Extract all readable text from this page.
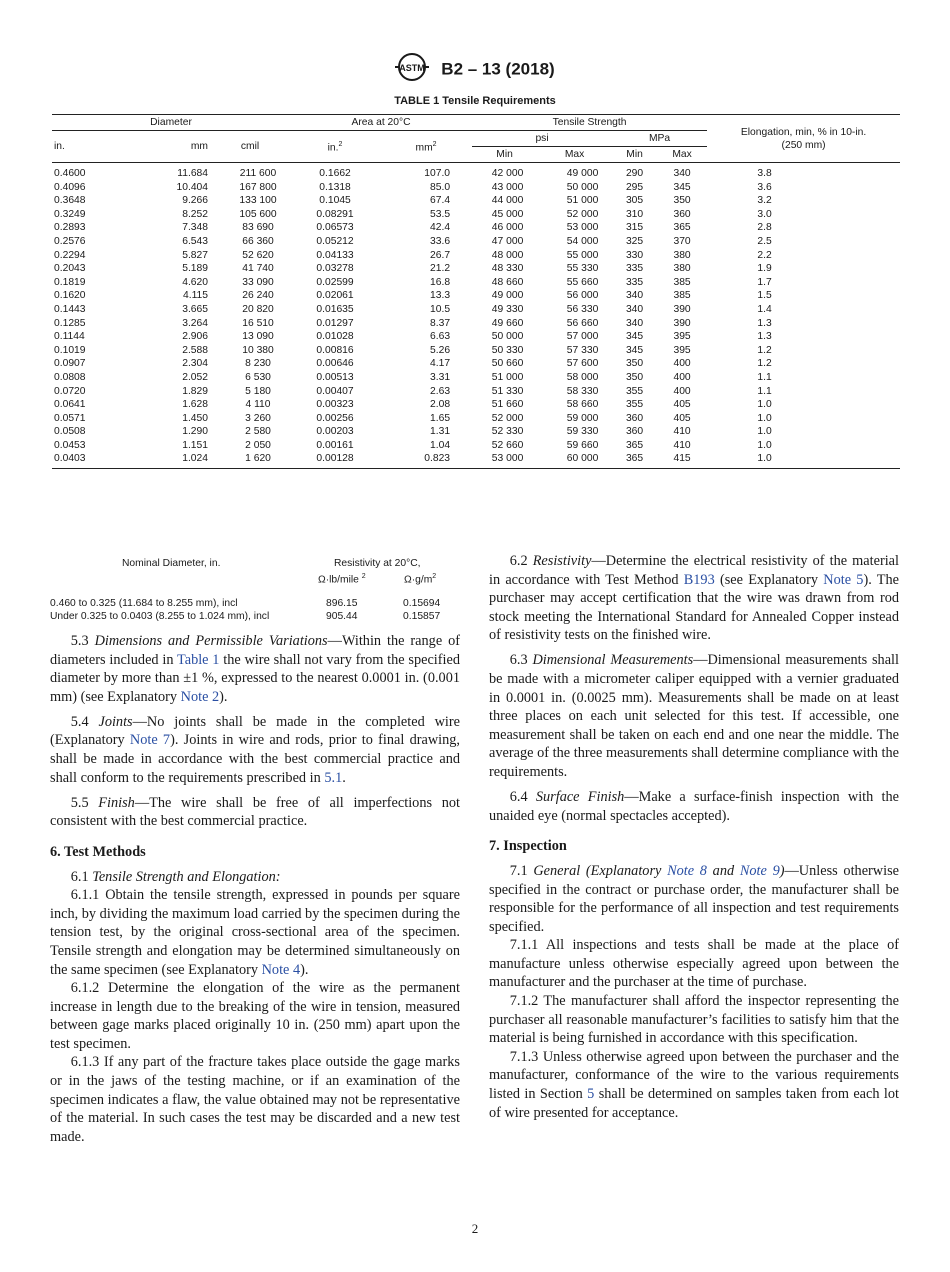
ASTM B2 – 13 (2018)
TABLE 1 Tensile Requirements
Diameter			Area at 20°C		Tensile Strength				Elongation, min, % in 10-in. (250 mm)
in.	mm	cmil	in.$^2$	$mm^2$	psi		MPa		
					Min	Max	Min	Max	
0.4600	11.684	211 600	0.1662	107.0	42 000	49 000	290	340	3.8
0.4096	10.404	167 800	0.1318	85.0	43 000	50 000	295	345	3.6
0.3648	9.266	133 100	0.1045	67.4	44 000	51 000	305	350	3.2
0.3249	8.252	105 600	0.08291	53.5	45 000	52 000	310	360	3.0
0.2893	7.348	83 690	0.06573	42.4	46 000	53 000	315	365	2.8
0.2576	6.543	66 360	0.05212	33.6	47 000	54 000	325	370	2.5
0.2294	5.827	52 620	0.04133	26.7	48 000	55 000	330	380	2.2
0.2043	5.189	41 740	0.03278	21.2	48 330	55 330	335	380	1.9
0.1819	4.620	33 090	0.02599	16.8	48 660	55 660	335	385	1.7
0.1620	4.115	26 240	0.02061	13.3	49 000	56 000	340	385	1.5
0.1443	3.665	20 820	0.01635	10.5	49 330	56 330	340	390	1.4
0.1285	3.264	16 510	0.01297	8.37	49 660	56 660	340	390	1.3
0.1144	2.906	13 090	0.01028	6.63	50 000	57 000	345	395	1.3
0.1019	2.588	10 380	0.00816	5.26	50 330	57 330	345	395	1.2
0.0907	2.304	8 230	0.00646	4.17	50 660	57 600	350	400	1.2
0.0808	2.052	6 530	0.00513	3.31	51 000	58 000	350	400	1.1
0.0720	1.829	5 180	0.00407	2.63	51 330	58 330	355	400	1.1
0.0641	1.628	4 110	0.00323	2.08	51 660	58 660	355	405	1.0
0.0571	1.450	3 260	0.00256	1.65	52 000	59 000	360	405	1.0
0.0508	1.290	2 580	0.00203	1.31	52 330	59 330	360	410	1.0
0.0453	1.151	2 050	0.00161	1.04	52 660	59 660	365	410	1.0
0.0403	1.024	1 620	0.00128	0.823	53 000	60 000	365	415	1.0
Nominal Diameter, in.	Resistivity at 20°C,
Ω·lb/mile $^2$	$\Omega\cdot g/m^2$
0.460 to 0.325 (11.684 to 8.255 mm), incl	896.15	0.15694
Under 0.325 to 0.0403 (8.255 to 1.024 mm), incl	905.44	0.15857

5.3 Dimensions and Permissible Variations—Within the range of diameters included in Table 1 the wire shall not vary from the specified diameter by more than ±1 %, expressed to the nearest 0.0001 in. (0.001 mm) (see Explanatory Note 2).

5.4 Joints—No joints shall be made in the completed wire (Explanatory Note 7). Joints in wire and rods, prior to final drawing, shall be made in accordance with the best commercial practice and shall conform to the requirements prescribed in 5.1.

5.5 Finish—The wire shall be free of all imperfections not consistent with the best commercial practice.

6. Test Methods

6.1 Tensile Strength and Elongation:

6.1.1 Obtain the tensile strength, expressed in pounds per square inch, by dividing the maximum load carried by the specimen during the tension test, by the original cross-sectional area of the specimen. Tensile strength and elongation may be determined simultaneously on the same specimen (see Explanatory Note 4).

6.1.2 Determine the elongation of the wire as the permanent increase in length due to the breaking of the wire in tension, measured between gage marks placed originally 10 in. (250 mm) apart upon the test specimen.

6.1.3 If any part of the fracture takes place outside the gage marks or in the jaws of the testing machine, or if an examination of the specimen indicates a flaw, the value obtained may not be representative of the material. In such cases the test may be discarded and a new test made.

6.2 Resistivity—Determine the electrical resistivity of the material in accordance with Test Method B193 (see Explanatory Note 5). The purchaser may accept certification that the wire was drawn from rod stock meeting the International Standard for Annealed Copper instead of resistivity tests on the finished wire.

6.3 Dimensional Measurements—Dimensional measurements shall be made with a micrometer caliper equipped with a vernier graduated in 0.0001 in. (0.0025 mm). Measurements shall be made on at least three places on each unit selected for this test. If accessible, one measurement shall be taken on each end and one near the middle. The average of the three measurements shall determine compliance with the requirements.

6.4 Surface Finish—Make a surface-finish inspection with the unaided eye (normal spectacles accepted).

7. Inspection

7.1 General (Explanatory Note 8 and Note 9)—Unless otherwise specified in the contract or purchase order, the manufacturer shall be responsible for the performance of all inspection and test requirements specified.

7.1.1 All inspections and tests shall be made at the place of manufacture unless otherwise especially agreed upon between the manufacturer and the purchaser at the time of purchase.

7.1.2 The manufacturer shall afford the inspector representing the purchaser all reasonable manufacturer’s facilities to satisfy him that the material is being furnished in accordance with this specification.

7.1.3 Unless otherwise agreed upon between the purchaser and the manufacturer, conformance of the wire to the various requirements listed in Section 5 shall be determined on samples taken from each lot of wire presented for acceptance.

2
